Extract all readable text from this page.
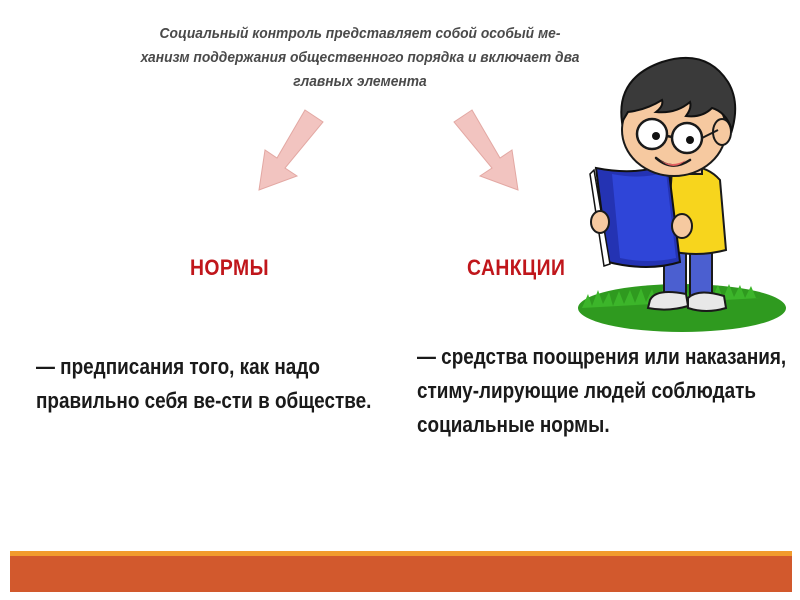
Социальный контроль представляет собой особый ме-ханизм поддержания общественного порядка и включает два главных элемента
НОРМЫ	САНКЦИИ
— предписания того, как надо правильно себя ве-сти в обществе.
— средства поощрения или наказания, стиму-лирующие людей соблюдать социальные нормы.
